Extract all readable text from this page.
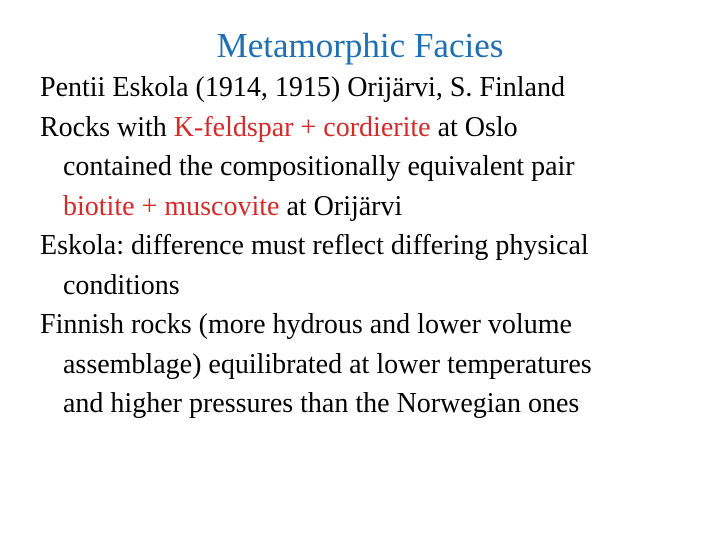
Metamorphic Facies

Pentii Eskola (1914, 1915) Orijärvi, S. Finland

Rocks with K-feldspar + cordierite at Oslo
contained the compositionally equivalent pair
biotite + muscovite at Orijärvi

Eskola: difference must reflect differing physical
conditions

Finnish rocks (more hydrous and lower volume
assemblage) equilibrated at lower temperatures
and higher pressures than the Norwegian ones
